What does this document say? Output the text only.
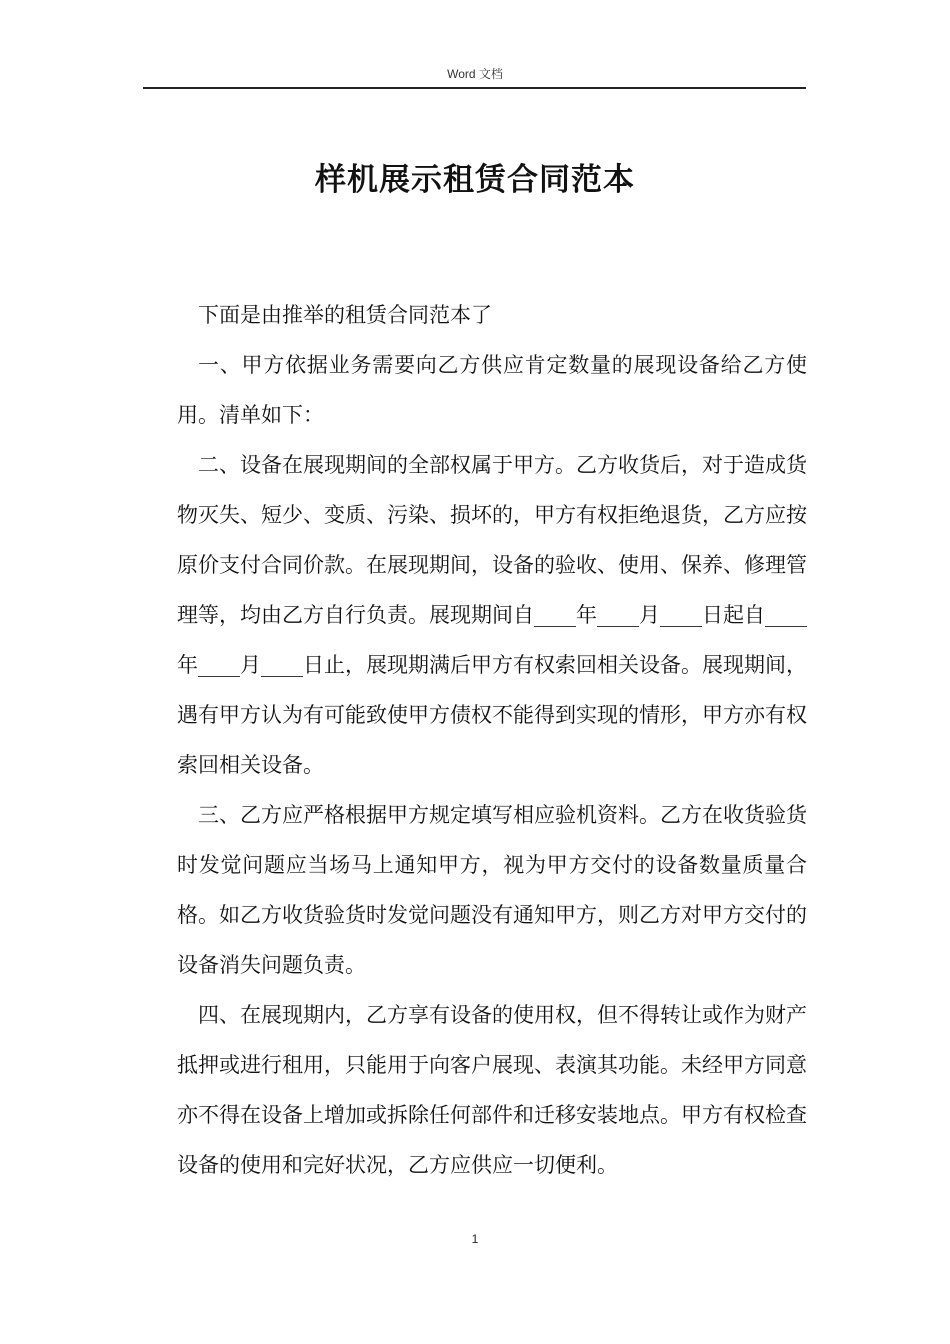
Word 文档
样机展示租赁合同范本

下面是由推举的租赁合同范本了

一、甲方依据业务需要向乙方供应肯定数量的展现设备给乙方使用。清单如下：

二、设备在展现期间的全部权属于甲方。乙方收货后，对于造成货物灭失、短少、变质、污染、损坏的，甲方有权拒绝退货，乙方应按原价支付合同价款。在展现期间，设备的验收、使用、保养、修理管理等，均由乙方自行负责。展现期间自____年____月____日起自____年____月____日止，展现期满后甲方有权索回相关设备。展现期间，遇有甲方认为有可能致使甲方债权不能得到实现的情形，甲方亦有权索回相关设备。

三、乙方应严格根据甲方规定填写相应验机资料。乙方在收货验货时发觉问题应当场马上通知甲方，视为甲方交付的设备数量质量合格。如乙方收货验货时发觉问题没有通知甲方，则乙方对甲方交付的设备消失问题负责。

四、在展现期内，乙方享有设备的使用权，但不得转让或作为财产抵押或进行租用，只能用于向客户展现、表演其功能。未经甲方同意亦不得在设备上增加或拆除任何部件和迁移安装地点。甲方有权检查设备的使用和完好状况，乙方应供应一切便利。

1
